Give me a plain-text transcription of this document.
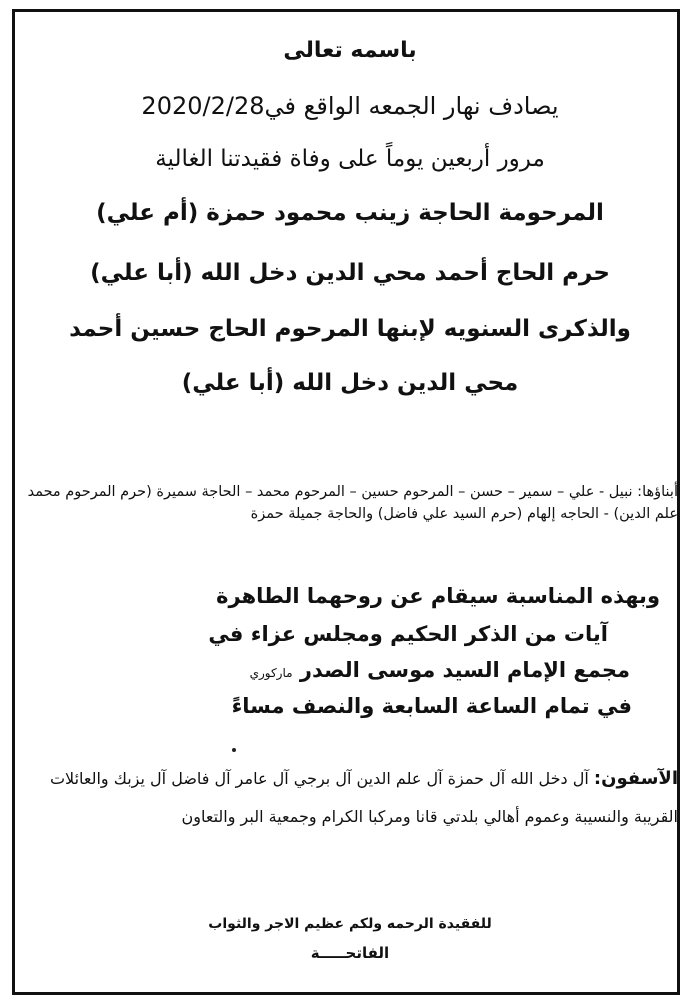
باسمه تعالى
يصادف نهار الجمعه الواقع في2020/2/28
مرور أربعين يوماً على وفاة فقيدتنا الغالية
المرحومة الحاجة زينب محمود حمزة (أم علي)
حرم الحاج أحمد محي الدين دخل الله (أبا علي)
والذكرى السنويه لإبنها المرحوم الحاج حسين أحمد
محي الدين دخل الله (أبا علي)
أبناؤها: نبيل - علي – سمير – حسن – المرحوم حسين – المرحوم محمد – الحاجة سميرة (حرم المرحوم محمد علم الدين) - الحاجه إلهام (حرم السيد علي فاضل) والحاجة جميلة حمزة
وبهذه المناسبة سيقام عن روحهما الطاهرة
آيات من الذكر الحكيم ومجلس عزاء في
مجمع الإمام السيد موسى الصدر ماركوري
في تمام الساعة السابعة والنصف مساءً
الآسفون: آل دخل الله آل حمزة آل علم الدين آل برجي آل عامر آل فاضل آل يزبك والعائلات القريبة والنسيبة وعموم أهالي بلدتي قانا ومركبا الكرام وجمعية البر والتعاون
للفقيدة الرحمه ولكم عظيم الاجر والثواب
الفاتحـــــة
